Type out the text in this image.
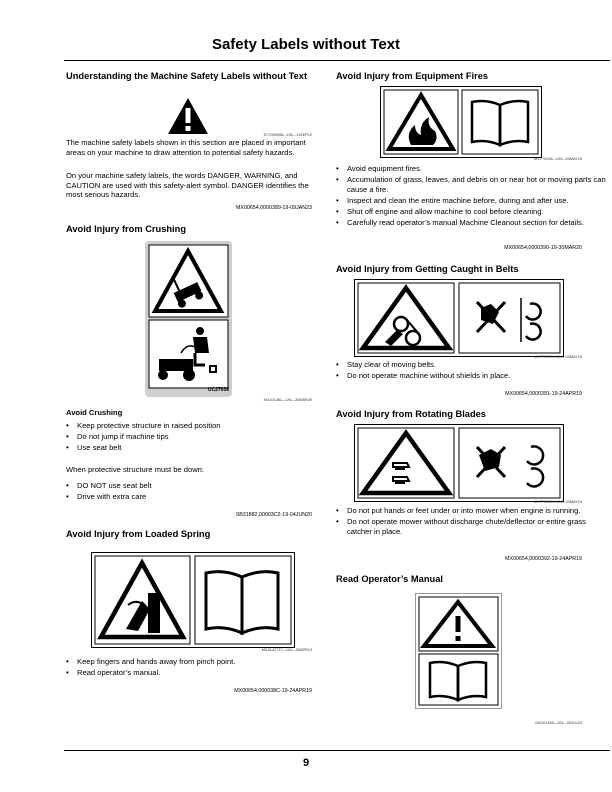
Safety Labels without Text
Understanding the Machine Safety Labels without Text
TCT005498—UN—11SEP12
The machine safety labels shown in this section are placed in important areas on your machine to draw attention to potential safety hazards.
On your machine safety labels, the words DANGER, WARNING, and CAUTION are used with this safety-alert symbol. DANGER identifies the most serious hazards.
MX00654,0000389-19-09JAN23
Avoid Injury from Crushing
UC27038
MX101381—UN—30MAR20
Avoid Crushing
• Keep protective structure in raised position
• Do not jump if machine tips
• Use seat belt
When protective structure must be down:
• DO NOT use seat belt
• Drive with extra care
SB31882,00003C2-19-04JUN20
Avoid Injury from Loaded Spring
MXAL42717—UN—05APR13
• Keep fingers and hands away from pinch point.
• Read operator’s manual.
MX00654,000038C-19-24APR19
Avoid Injury from Equipment Fires
MXT70018—UN—04MAY16
• Avoid equipment fires.
• Accumulation of grass, leaves, and debris on or near hot or moving parts can cause a fire.
• Inspect and clean the entire machine before, during and after use.
• Shut off engine and allow machine to cool before cleaning.
• Carefully read operator’s manual Machine Cleanout section for details.
MX00654,0000390-19-30MAR20
Avoid Injury from Getting Caught in Belts
MXT70017—UN—03MAY16
• Stay clear of moving belts.
• Do not operate machine without shields in place.
MX00654,0000391-19-24APR19
Avoid Injury from Rotating Blades
MXT70016—UN—03MAY16
• Do not put hands or feet under or into mower when engine is running.
• Do not operate mower without discharge chute/deflector or entire grass catcher in place.
MX00654,0000392-19-24APR19
Read Operator’s Manual
MX101345—UN—09JUL20
9
